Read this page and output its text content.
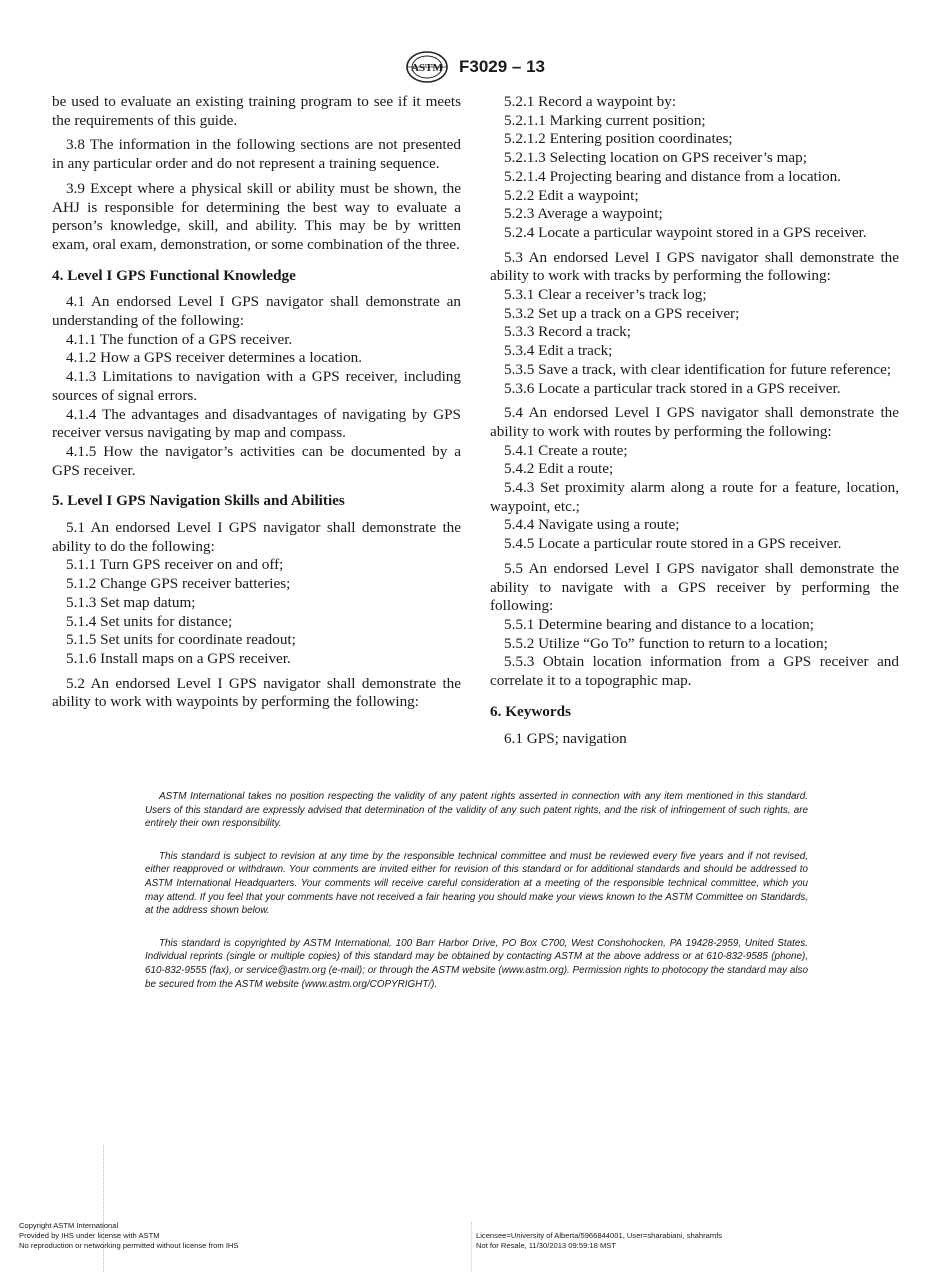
ASTM F3029 – 13
be used to evaluate an existing training program to see if it meets the requirements of this guide.
3.8 The information in the following sections are not presented in any particular order and do not represent a training sequence.
3.9 Except where a physical skill or ability must be shown, the AHJ is responsible for determining the best way to evaluate a person’s knowledge, skill, and ability. This may be by written exam, oral exam, demonstration, or some combination of the three.
4. Level I GPS Functional Knowledge
4.1 An endorsed Level I GPS navigator shall demonstrate an understanding of the following:
4.1.1 The function of a GPS receiver.
4.1.2 How a GPS receiver determines a location.
4.1.3 Limitations to navigation with a GPS receiver, including sources of signal errors.
4.1.4 The advantages and disadvantages of navigating by GPS receiver versus navigating by map and compass.
4.1.5 How the navigator’s activities can be documented by a GPS receiver.
5. Level I GPS Navigation Skills and Abilities
5.1 An endorsed Level I GPS navigator shall demonstrate the ability to do the following:
5.1.1 Turn GPS receiver on and off;
5.1.2 Change GPS receiver batteries;
5.1.3 Set map datum;
5.1.4 Set units for distance;
5.1.5 Set units for coordinate readout;
5.1.6 Install maps on a GPS receiver.
5.2 An endorsed Level I GPS navigator shall demonstrate the ability to work with waypoints by performing the following:
5.2.1 Record a waypoint by:
5.2.1.1 Marking current position;
5.2.1.2 Entering position coordinates;
5.2.1.3 Selecting location on GPS receiver’s map;
5.2.1.4 Projecting bearing and distance from a location.
5.2.2 Edit a waypoint;
5.2.3 Average a waypoint;
5.2.4 Locate a particular waypoint stored in a GPS receiver.
5.3 An endorsed Level I GPS navigator shall demonstrate the ability to work with tracks by performing the following:
5.3.1 Clear a receiver’s track log;
5.3.2 Set up a track on a GPS receiver;
5.3.3 Record a track;
5.3.4 Edit a track;
5.3.5 Save a track, with clear identification for future reference;
5.3.6 Locate a particular track stored in a GPS receiver.
5.4 An endorsed Level I GPS navigator shall demonstrate the ability to work with routes by performing the following:
5.4.1 Create a route;
5.4.2 Edit a route;
5.4.3 Set proximity alarm along a route for a feature, location, waypoint, etc.;
5.4.4 Navigate using a route;
5.4.5 Locate a particular route stored in a GPS receiver.
5.5 An endorsed Level I GPS navigator shall demonstrate the ability to navigate with a GPS receiver by performing the following:
5.5.1 Determine bearing and distance to a location;
5.5.2 Utilize “Go To” function to return to a location;
5.5.3 Obtain location information from a GPS receiver and correlate it to a topographic map.
6. Keywords
6.1 GPS; navigation
ASTM International takes no position respecting the validity of any patent rights asserted in connection with any item mentioned in this standard. Users of this standard are expressly advised that determination of the validity of any such patent rights, and the risk of infringement of such rights, are entirely their own responsibility.
This standard is subject to revision at any time by the responsible technical committee and must be reviewed every five years and if not revised, either reapproved or withdrawn. Your comments are invited either for revision of this standard or for additional standards and should be addressed to ASTM International Headquarters. Your comments will receive careful consideration at a meeting of the responsible technical committee, which you may attend. If you feel that your comments have not received a fair hearing you should make your views known to the ASTM Committee on Standards, at the address shown below.
This standard is copyrighted by ASTM International, 100 Barr Harbor Drive, PO Box C700, West Conshohocken, PA 19428-2959, United States. Individual reprints (single or multiple copies) of this standard may be obtained by contacting ASTM at the above address or at 610-832-9585 (phone), 610-832-9555 (fax), or service@astm.org (e-mail); or through the ASTM website (www.astm.org). Permission rights to photocopy the standard may also be secured from the ASTM website (www.astm.org/COPYRIGHT/).
Copyright ASTM International
Provided by IHS under license with ASTM
No reproduction or networking permitted without license from IHS
Licensee=University of Alberta/5966844001, User=sharabiani, shahramfs
Not for Resale, 11/30/2013 09:59:18 MST
